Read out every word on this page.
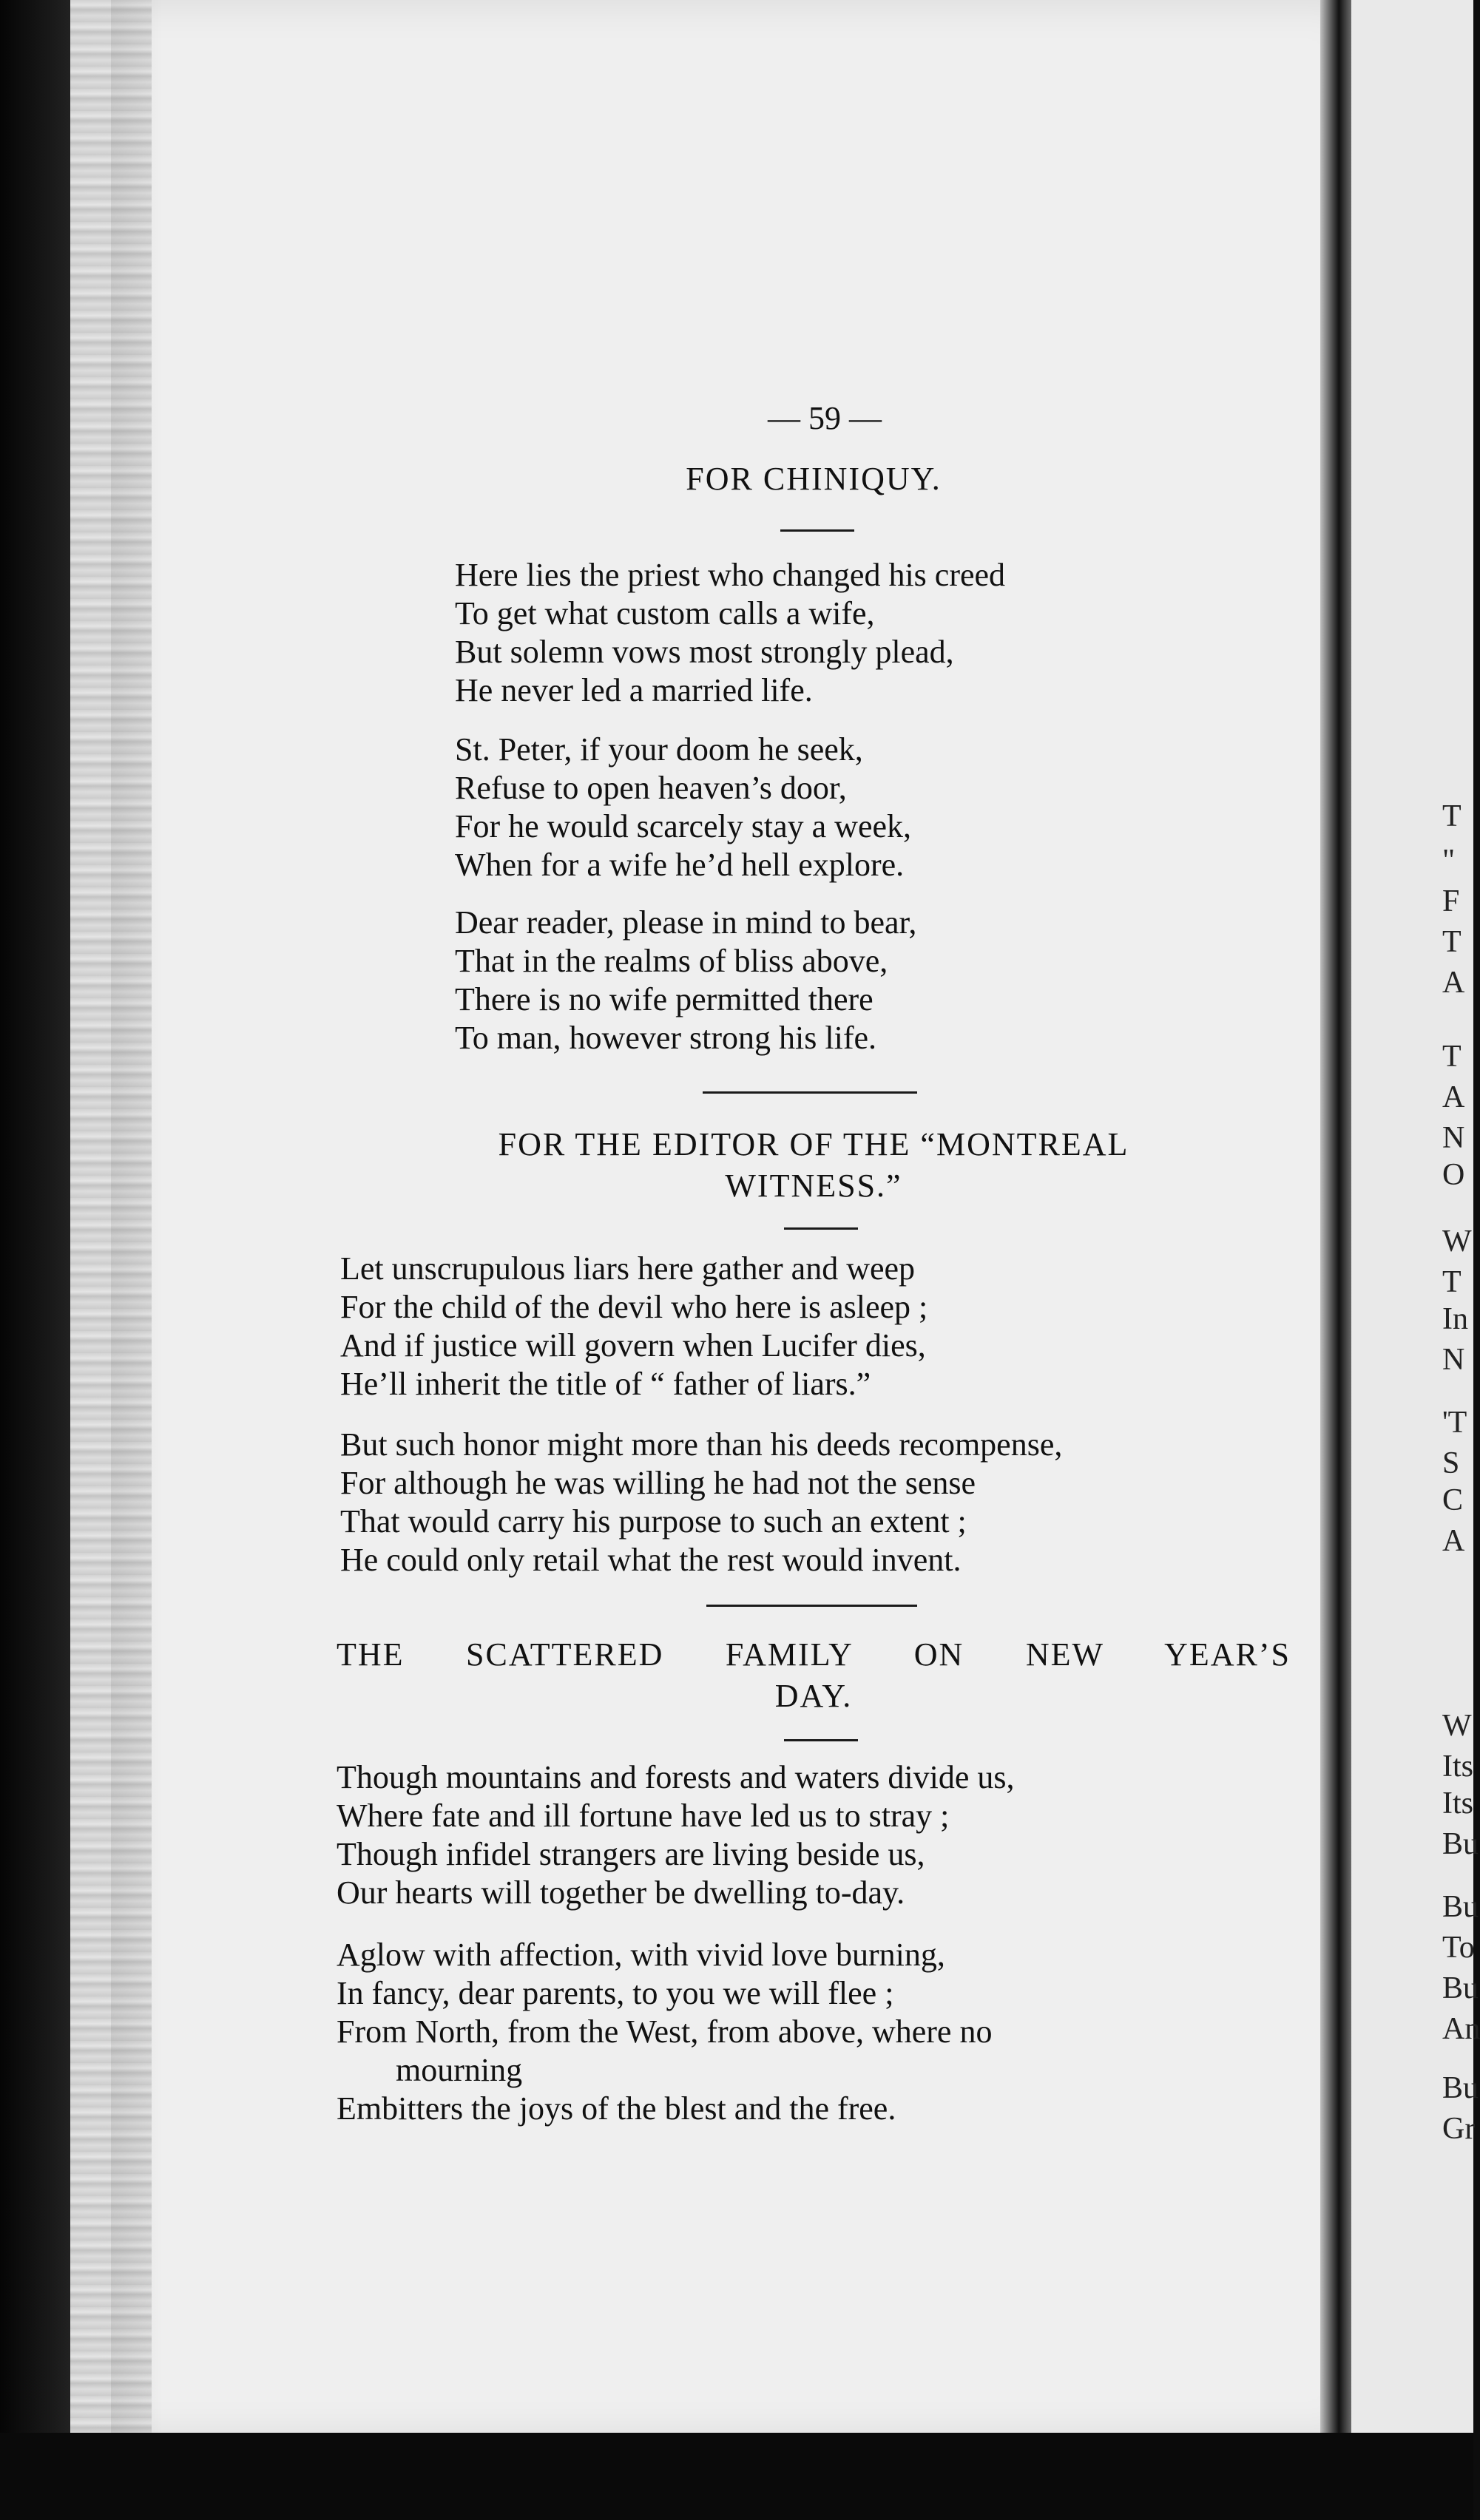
T
"
F
T
A
T
A
N
O
W
T
In
N
'T
S
C
A
W
Its
Its
Bu
Bu
To
Bu
An
Bu
Gr
— 59 —
FOR CHINIQUY.
Here lies the priest who changed his creed
To get what custom calls a wife,
But solemn vows most strongly plead,
He never led a married life.
St. Peter, if your doom he seek,
Refuse to open heaven’s door,
For he would scarcely stay a week,
When for a wife he’d hell explore.
Dear reader, please in mind to bear,
That in the realms of bliss above,
There is no wife permitted there
To man, however strong his life.
FOR THE EDITOR OF THE “MONTREAL
WITNESS.”
Let unscrupulous liars here gather and weep
For the child of the devil who here is asleep ;
And if justice will govern when Lucifer dies,
He’ll inherit the title of “ father of liars.”
But such honor might more than his deeds recompense,
For although he was willing he had not the sense
That would carry his purpose to such an extent ;
He could only retail what the rest would invent.
THE SCATTERED FAMILY ON NEW YEAR’S
DAY.
Though mountains and forests and waters divide us,
Where fate and ill fortune have led us to stray ;
Though infidel strangers are living beside us,
Our hearts will together be dwelling to-day.
Aglow with affection, with vivid love burning,
In fancy, dear parents, to you we will flee ;
From North, from the West, from above, where no
mourning
Embitters the joys of the blest and the free.
